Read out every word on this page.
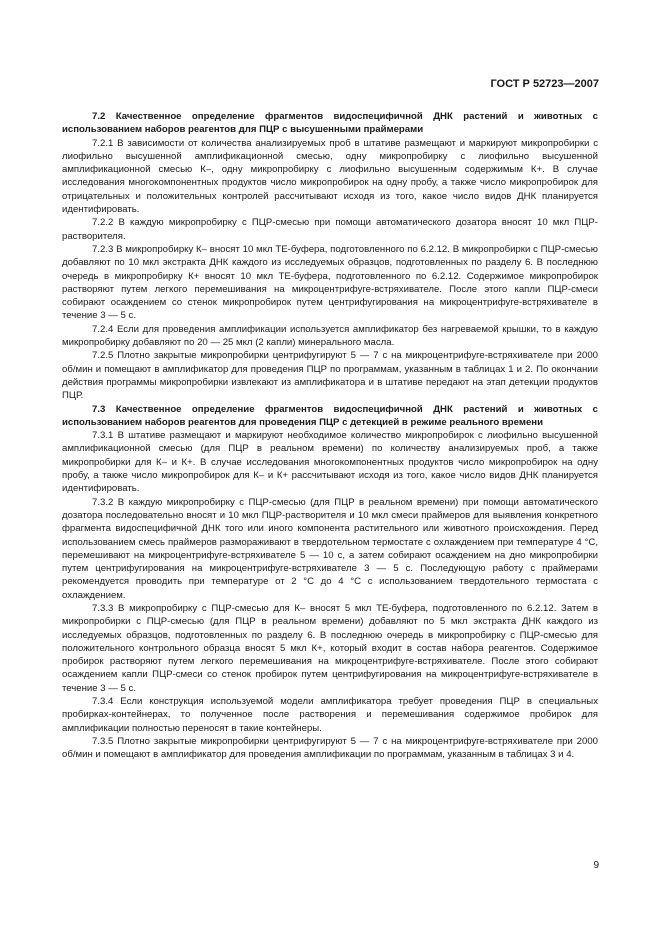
ГОСТ Р 52723—2007

7.2 Качественное определение фрагментов видоспецифичной ДНК растений и животных с использованием наборов реагентов для ПЦР с высушенными праймерами

7.2.1 В зависимости от количества анализируемых проб в штативе размещают и маркируют микропробирки с лиофильно высушенной амплификационной смесью, одну микропробирку с лиофильно высушенной амплификационной смесью К–, одну микропробирку с лиофильно высушенным содержимым К+. В случае исследования многокомпонентных продуктов число микропробирок на одну пробу, а также число микропробирок для отрицательных и положительных контролей рассчитывают исходя из того, какое число видов ДНК планируется идентифировать.

7.2.2 В каждую микропробирку с ПЦР-смесью при помощи автоматического дозатора вносят 10 мкл ПЦР-растворителя.

7.2.3 В микропробирку К– вносят 10 мкл ТЕ-буфера, подготовленного по 6.2.12. В микропробирки с ПЦР-смесью добавляют по 10 мкл экстракта ДНК каждого из исследуемых образцов, подготовленных по разделу 6. В последнюю очередь в микропробирку К+ вносят 10 мкл ТЕ-буфера, подготовленного по 6.2.12. Содержимое микропробирок растворяют путем легкого перемешивания на микроцентрифуге-встряхивателе. После этого капли ПЦР-смеси собирают осаждением со стенок микропробирок путем центрифугирования на микроцентрифуге-встряхивателе в течение 3 — 5 с.

7.2.4 Если для проведения амплификации используется амплификатор без нагреваемой крышки, то в каждую микропробирку добавляют по 20 — 25 мкл (2 капли) минерального масла.

7.2.5 Плотно закрытые микропробирки центрифугируют 5 — 7 с на микроцентрифуге-встряхивателе при 2000 об/мин и помещают в амплификатор для проведения ПЦР по программам, указанным в таблицах 1 и 2. По окончании действия программы микропробирки извлекают из амплификатора и в штативе передают на этап детекции продуктов ПЦР.

7.3 Качественное определение фрагментов видоспецифичной ДНК растений и животных с использованием наборов реагентов для проведения ПЦР с детекцией в режиме реального времени

7.3.1 В штативе размещают и маркируют необходимое количество микропробирок с лиофильно высушенной амплификационной смесью (для ПЦР в реальном времени) по количеству анализируемых проб, а также микропробирки для К– и К+. В случае исследования многокомпонентных продуктов число микропробирок на одну пробу, а также число микропробирок для К– и К+ рассчитывают исходя из того, какое число видов ДНК планируется идентифировать.

7.3.2 В каждую микропробирку с ПЦР-смесью (для ПЦР в реальном времени) при помощи автоматического дозатора последовательно вносят и 10 мкл ПЦР-растворителя и 10 мкл смеси праймеров для выявления конкретного фрагмента видоспецифичной ДНК того или иного компонента растительного или животного происхождения. Перед использованием смесь праймеров размораживают в твердотельном термостате с охлаждением при температуре 4 °С, перемешивают на микроцентрифуге-встряхивателе 5 — 10 с, а затем собирают осаждением на дно микропробирки путем центрифугирования на микроцентрифуге-встряхивателе 3 — 5 с. Последующую работу с праймерами рекомендуется проводить при температуре от 2 °С до 4 °С с использованием твердотельного термостата с охлаждением.

7.3.3 В микропробирку с ПЦР-смесью для К– вносят 5 мкл ТЕ-буфера, подготовленного по 6.2.12. Затем в микропробирки с ПЦР-смесью (для ПЦР в реальном времени) добавляют по 5 мкл экстракта ДНК каждого из исследуемых образцов, подготовленных по разделу 6. В последнюю очередь в микропробирку с ПЦР-смесью для положительного контрольного образца вносят 5 мкл К+, который входит в состав набора реагентов. Содержимое пробирок растворяют путем легкого перемешивания на микроцентрифуге-встряхивателе. После этого собирают осаждением капли ПЦР-смеси со стенок пробирок путем центрифугирования на микроцентрифуге-встряхивателе в течение 3 — 5 с.

7.3.4 Если конструкция используемой модели амплификатора требует проведения ПЦР в специальных пробирках-контейнерах, то полученное после растворения и перемешивания содержимое пробирок для амплификации полностью переносят в такие контейнеры.

7.3.5 Плотно закрытые микропробирки центрифугируют 5 — 7 с на микроцентрифуге-встряхивателе при 2000 об/мин и помещают в амплификатор для проведения амплификации по программам, указанным в таблицах 3 и 4.

9
